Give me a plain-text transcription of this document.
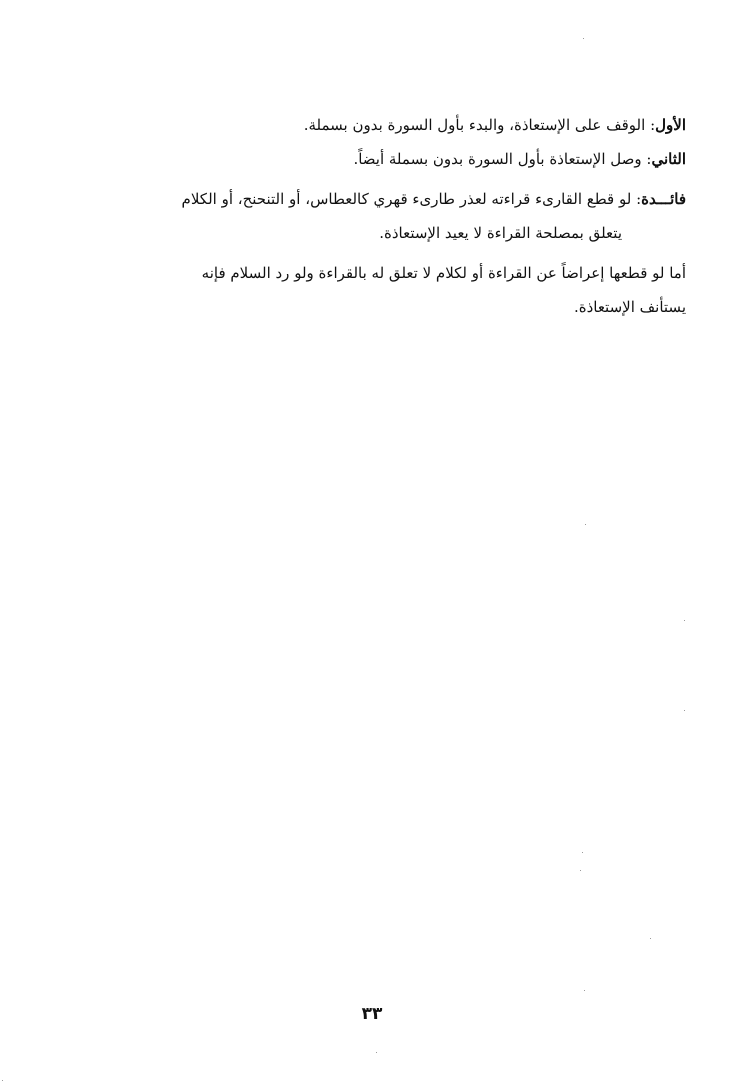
الأول: الوقف على الإستعاذة، والبدء بأول السورة بدون بسملة.
الثاني: وصل الإستعاذة بأول السورة بدون بسملة أيضاً.
فائـــدة: لو قطع القارىء قراءته لعذر طارىء قهري كالعطاس، أو التنحنح، أو الكلام
يتعلق بمصلحة القراءة لا يعيد الإستعاذة.
أما لو قطعها إعراضاً عن القراءة أو لكلام لا تعلق له بالقراءة ولو رد السلام فإنه
يستأنف الإستعاذة.
٣٣
